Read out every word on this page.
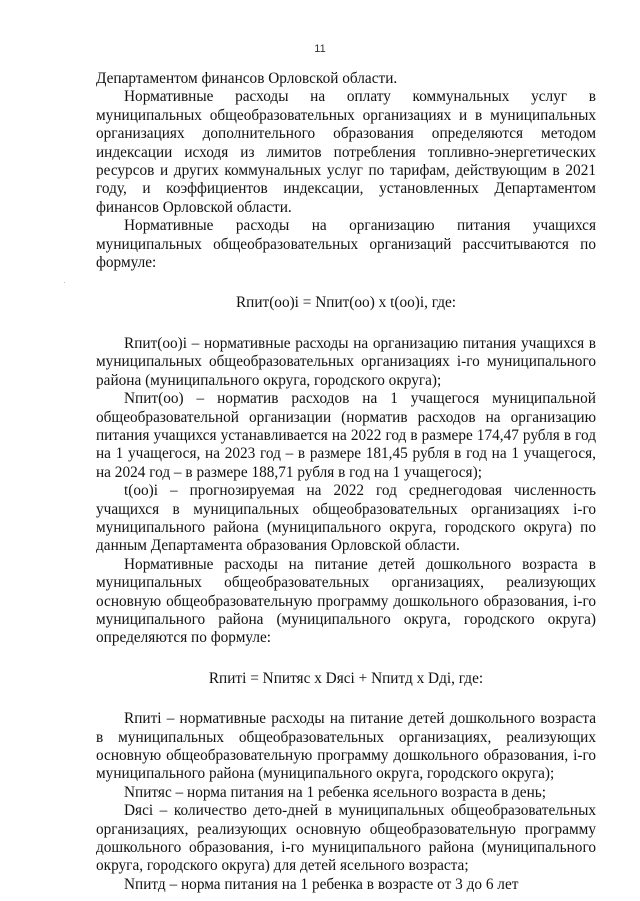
11

Департаментом финансов Орловской области.

Нормативные расходы на оплату коммунальных услуг в муниципальных общеобразовательных организациях и в муниципальных организациях дополнительного образования определяются методом индексации исходя из лимитов потребления топливно-энергетических ресурсов и других коммунальных услуг по тарифам, действующим в 2021 году, и коэффициентов индексации, установленных Департаментом финансов Орловской области.

Нормативные расходы на организацию питания учащихся муниципальных общеобразовательных организаций рассчитываются по формуле:

Rпит(оо)i = Nпит(оо) x t(оо)i, где:

Rпит(оо)i – нормативные расходы на организацию питания учащихся в муниципальных общеобразовательных организациях i-го муниципального района (муниципального округа, городского округа);

Nпит(оо) – норматив расходов на 1 учащегося муниципальной общеобразовательной организации (норматив расходов на организацию питания учащихся устанавливается на 2022 год в размере 174,47 рубля в год на 1 учащегося, на 2023 год – в размере 181,45 рубля в год на 1 учащегося, на 2024 год – в размере 188,71 рубля в год на 1 учащегося);

t(оо)i – прогнозируемая на 2022 год среднегодовая численность учащихся в муниципальных общеобразовательных организациях i-го муниципального района (муниципального округа, городского округа) по данным Департамента образования Орловской области.

Нормативные расходы на питание детей дошкольного возраста в муниципальных общеобразовательных организациях, реализующих основную общеобразовательную программу дошкольного образования, i-го муниципального района (муниципального округа, городского округа) определяются по формуле:

Rпитi = Nпитяс x Dясi + Nпитд x Dдi, где:

Rпитi – нормативные расходы на питание детей дошкольного возраста в муниципальных общеобразовательных организациях, реализующих основную общеобразовательную программу дошкольного образования, i-го муниципального района (муниципального округа, городского округа);

Nпитяс – норма питания на 1 ребенка ясельного возраста в день;

Dясi – количество дето-дней в муниципальных общеобразовательных организациях, реализующих основную общеобразовательную программу дошкольного образования, i-го муниципального района (муниципального округа, городского округа) для детей ясельного возраста;

Nпитд – норма питания на 1 ребенка в возрасте от 3 до 6 лет
